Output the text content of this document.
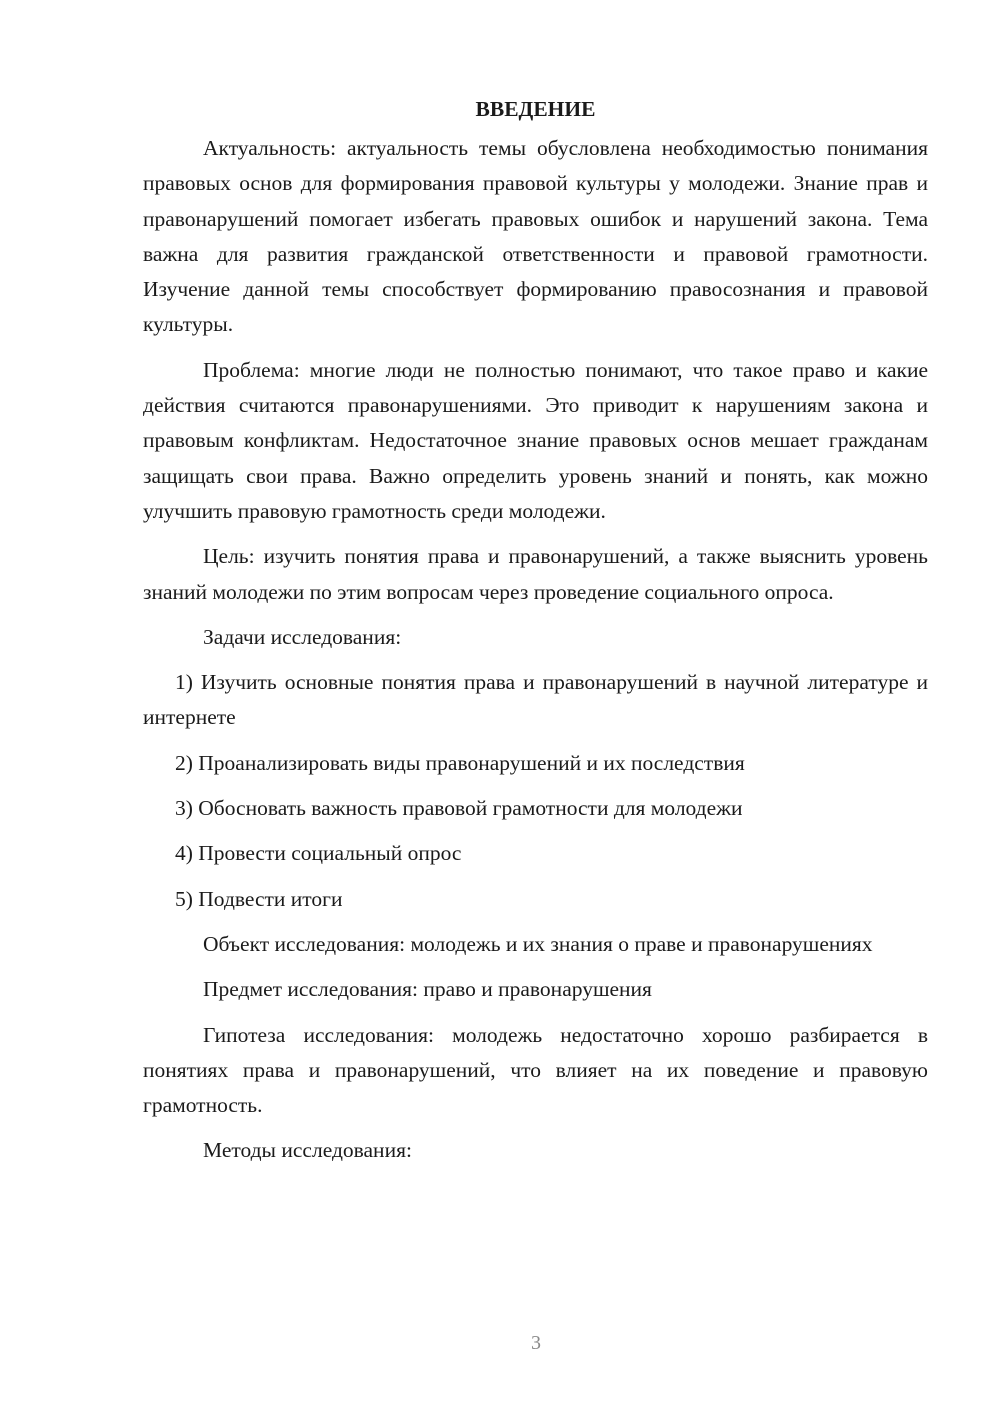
ВВЕДЕНИЕ

Актуальность: актуальность темы обусловлена необходимостью понимания правовых основ для формирования правовой культуры у молодежи. Знание прав и правонарушений помогает избегать правовых ошибок и нарушений закона. Тема важна для развития гражданской ответственности и правовой грамотности. Изучение данной темы способствует формированию правосознания и правовой культуры.

Проблема: многие люди не полностью понимают, что такое право и какие действия считаются правонарушениями. Это приводит к нарушениям закона и правовым конфликтам. Недостаточное знание правовых основ мешает гражданам защищать свои права. Важно определить уровень знаний и понять, как можно улучшить правовую грамотность среди молодежи.

Цель: изучить понятия права и правонарушений, а также выяснить уровень знаний молодежи по этим вопросам через проведение социального опроса.

Задачи исследования:

1) Изучить основные понятия права и правонарушений в научной литературе и интернете

2) Проанализировать виды правонарушений и их последствия

3) Обосновать важность правовой грамотности для молодежи

4) Провести социальный опрос

5) Подвести итоги

Объект исследования: молодежь и их знания о праве и правонарушениях

Предмет исследования: право и правонарушения

Гипотеза исследования: молодежь недостаточно хорошо разбирается в понятиях права и правонарушений, что влияет на их поведение и правовую грамотность.

Методы исследования:

3
